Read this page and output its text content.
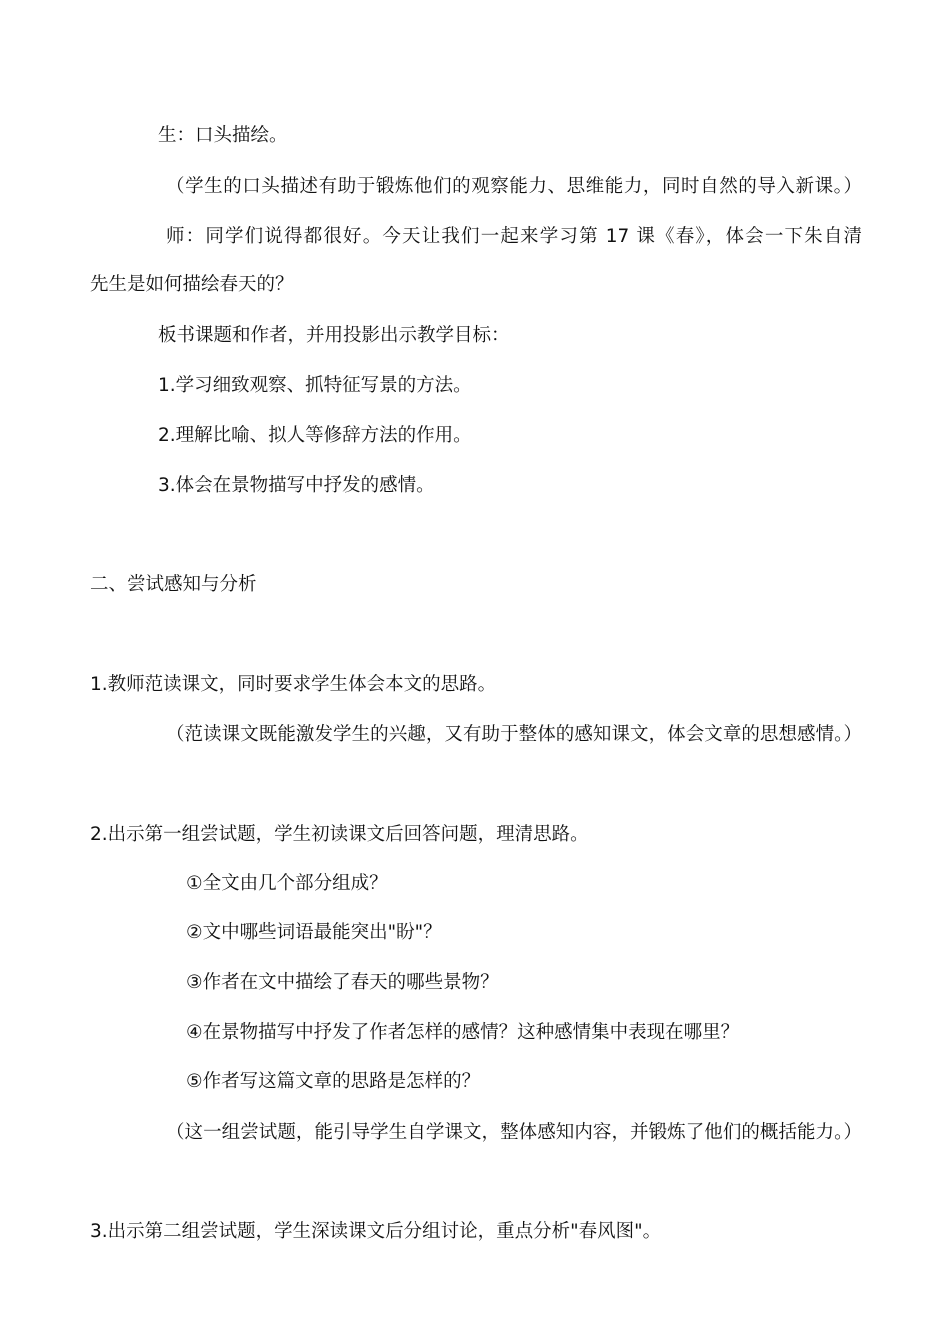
生：口头描绘。

（学生的口头描述有助于锻炼他们的观察能力、思维能力，同时自然的导入新课。）

师：同学们说得都很好。今天让我们一起来学习第 17 课《春》，体会一下朱自清

先生是如何描绘春天的？

板书课题和作者，并用投影出示教学目标：

1.学习细致观察、抓特征写景的方法。

2.理解比喻、拟人等修辞方法的作用。

3.体会在景物描写中抒发的感情。

二、尝试感知与分析

1.教师范读课文，同时要求学生体会本文的思路。

（范读课文既能激发学生的兴趣，又有助于整体的感知课文，体会文章的思想感情。）

2.出示第一组尝试题，学生初读课文后回答问题，理清思路。

①全文由几个部分组成？

②文中哪些词语最能突出"盼"？

③作者在文中描绘了春天的哪些景物？

④在景物描写中抒发了作者怎样的感情？这种感情集中表现在哪里？

⑤作者写这篇文章的思路是怎样的？

（这一组尝试题，能引导学生自学课文，整体感知内容，并锻炼了他们的概括能力。）

3.出示第二组尝试题，学生深读课文后分组讨论，重点分析"春风图"。
